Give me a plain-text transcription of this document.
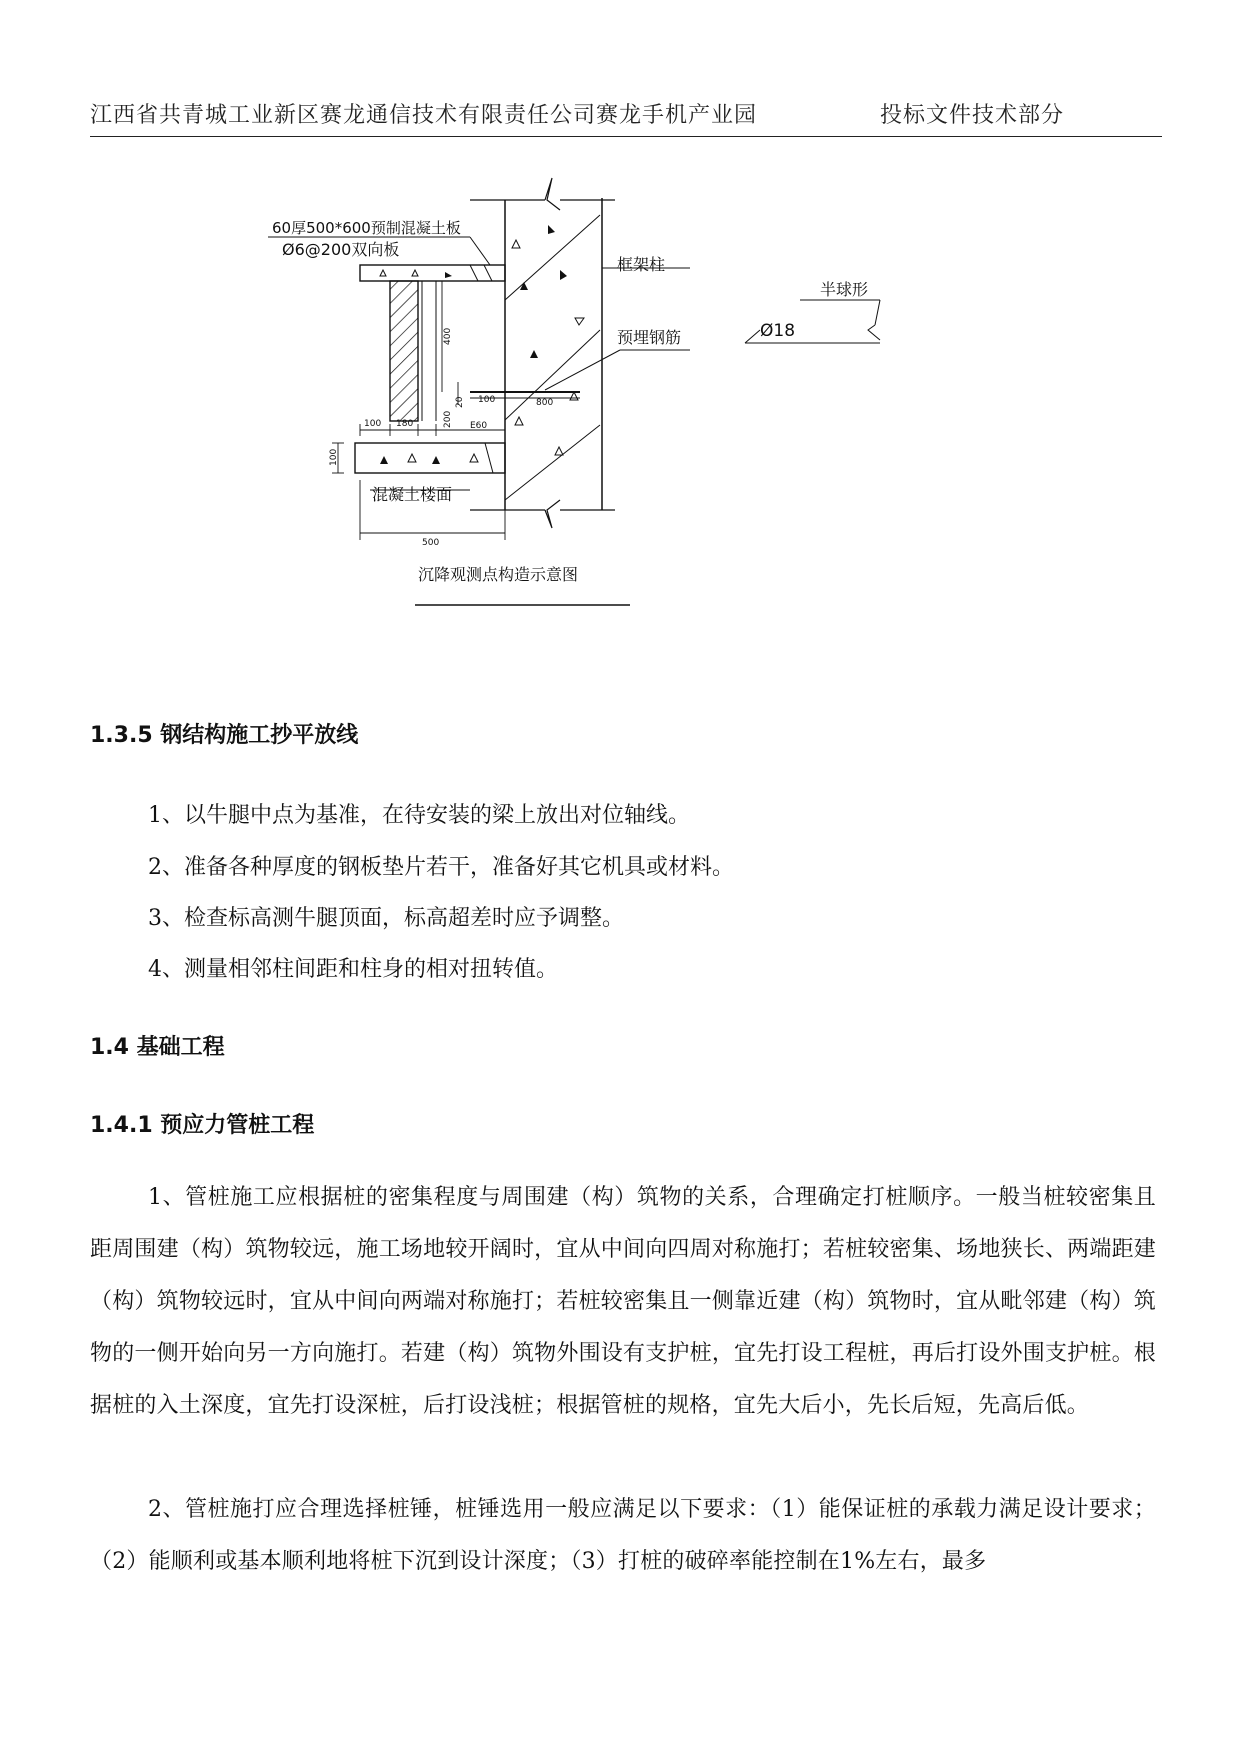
江西省共青城工业新区赛龙通信技术有限责任公司赛龙手机产业园	投标文件技术部分
60厚500*600预制混凝土板
Ø6@200双向板
框架柱
预埋钢筋
混凝土楼面
半球形
Ø18
沉降观测点构造示意图
400
20 100	800
200 E60
100 180
100
500
1.3.5 钢结构施工抄平放线
1、以牛腿中点为基准，在待安装的梁上放出对位轴线。
2、准备各种厚度的钢板垫片若干，准备好其它机具或材料。
3、检查标高测牛腿顶面，标高超差时应予调整。
4、测量相邻柱间距和柱身的相对扭转值。
1.4 基础工程
1.4.1 预应力管桩工程
1、管桩施工应根据桩的密集程度与周围建（构）筑物的关系，合理确定打桩顺序。一般当桩较密集且距周围建（构）筑物较远，施工场地较开阔时，宜从中间向四周对称施打；若桩较密集、场地狭长、两端距建（构）筑物较远时，宜从中间向两端对称施打；若桩较密集且一侧靠近建（构）筑物时，宜从毗邻建（构）筑物的一侧开始向另一方向施打。若建（构）筑物外围设有支护桩，宜先打设工程桩，再后打设外围支护桩。根据桩的入土深度，宜先打设深桩，后打设浅桩；根据管桩的规格，宜先大后小，先长后短，先高后低。
2、管桩施打应合理选择桩锤，桩锤选用一般应满足以下要求：（1）能保证桩的承载力满足设计要求；（2）能顺利或基本顺利地将桩下沉到设计深度；（3）打桩的破碎率能控制在1%左右，最多
